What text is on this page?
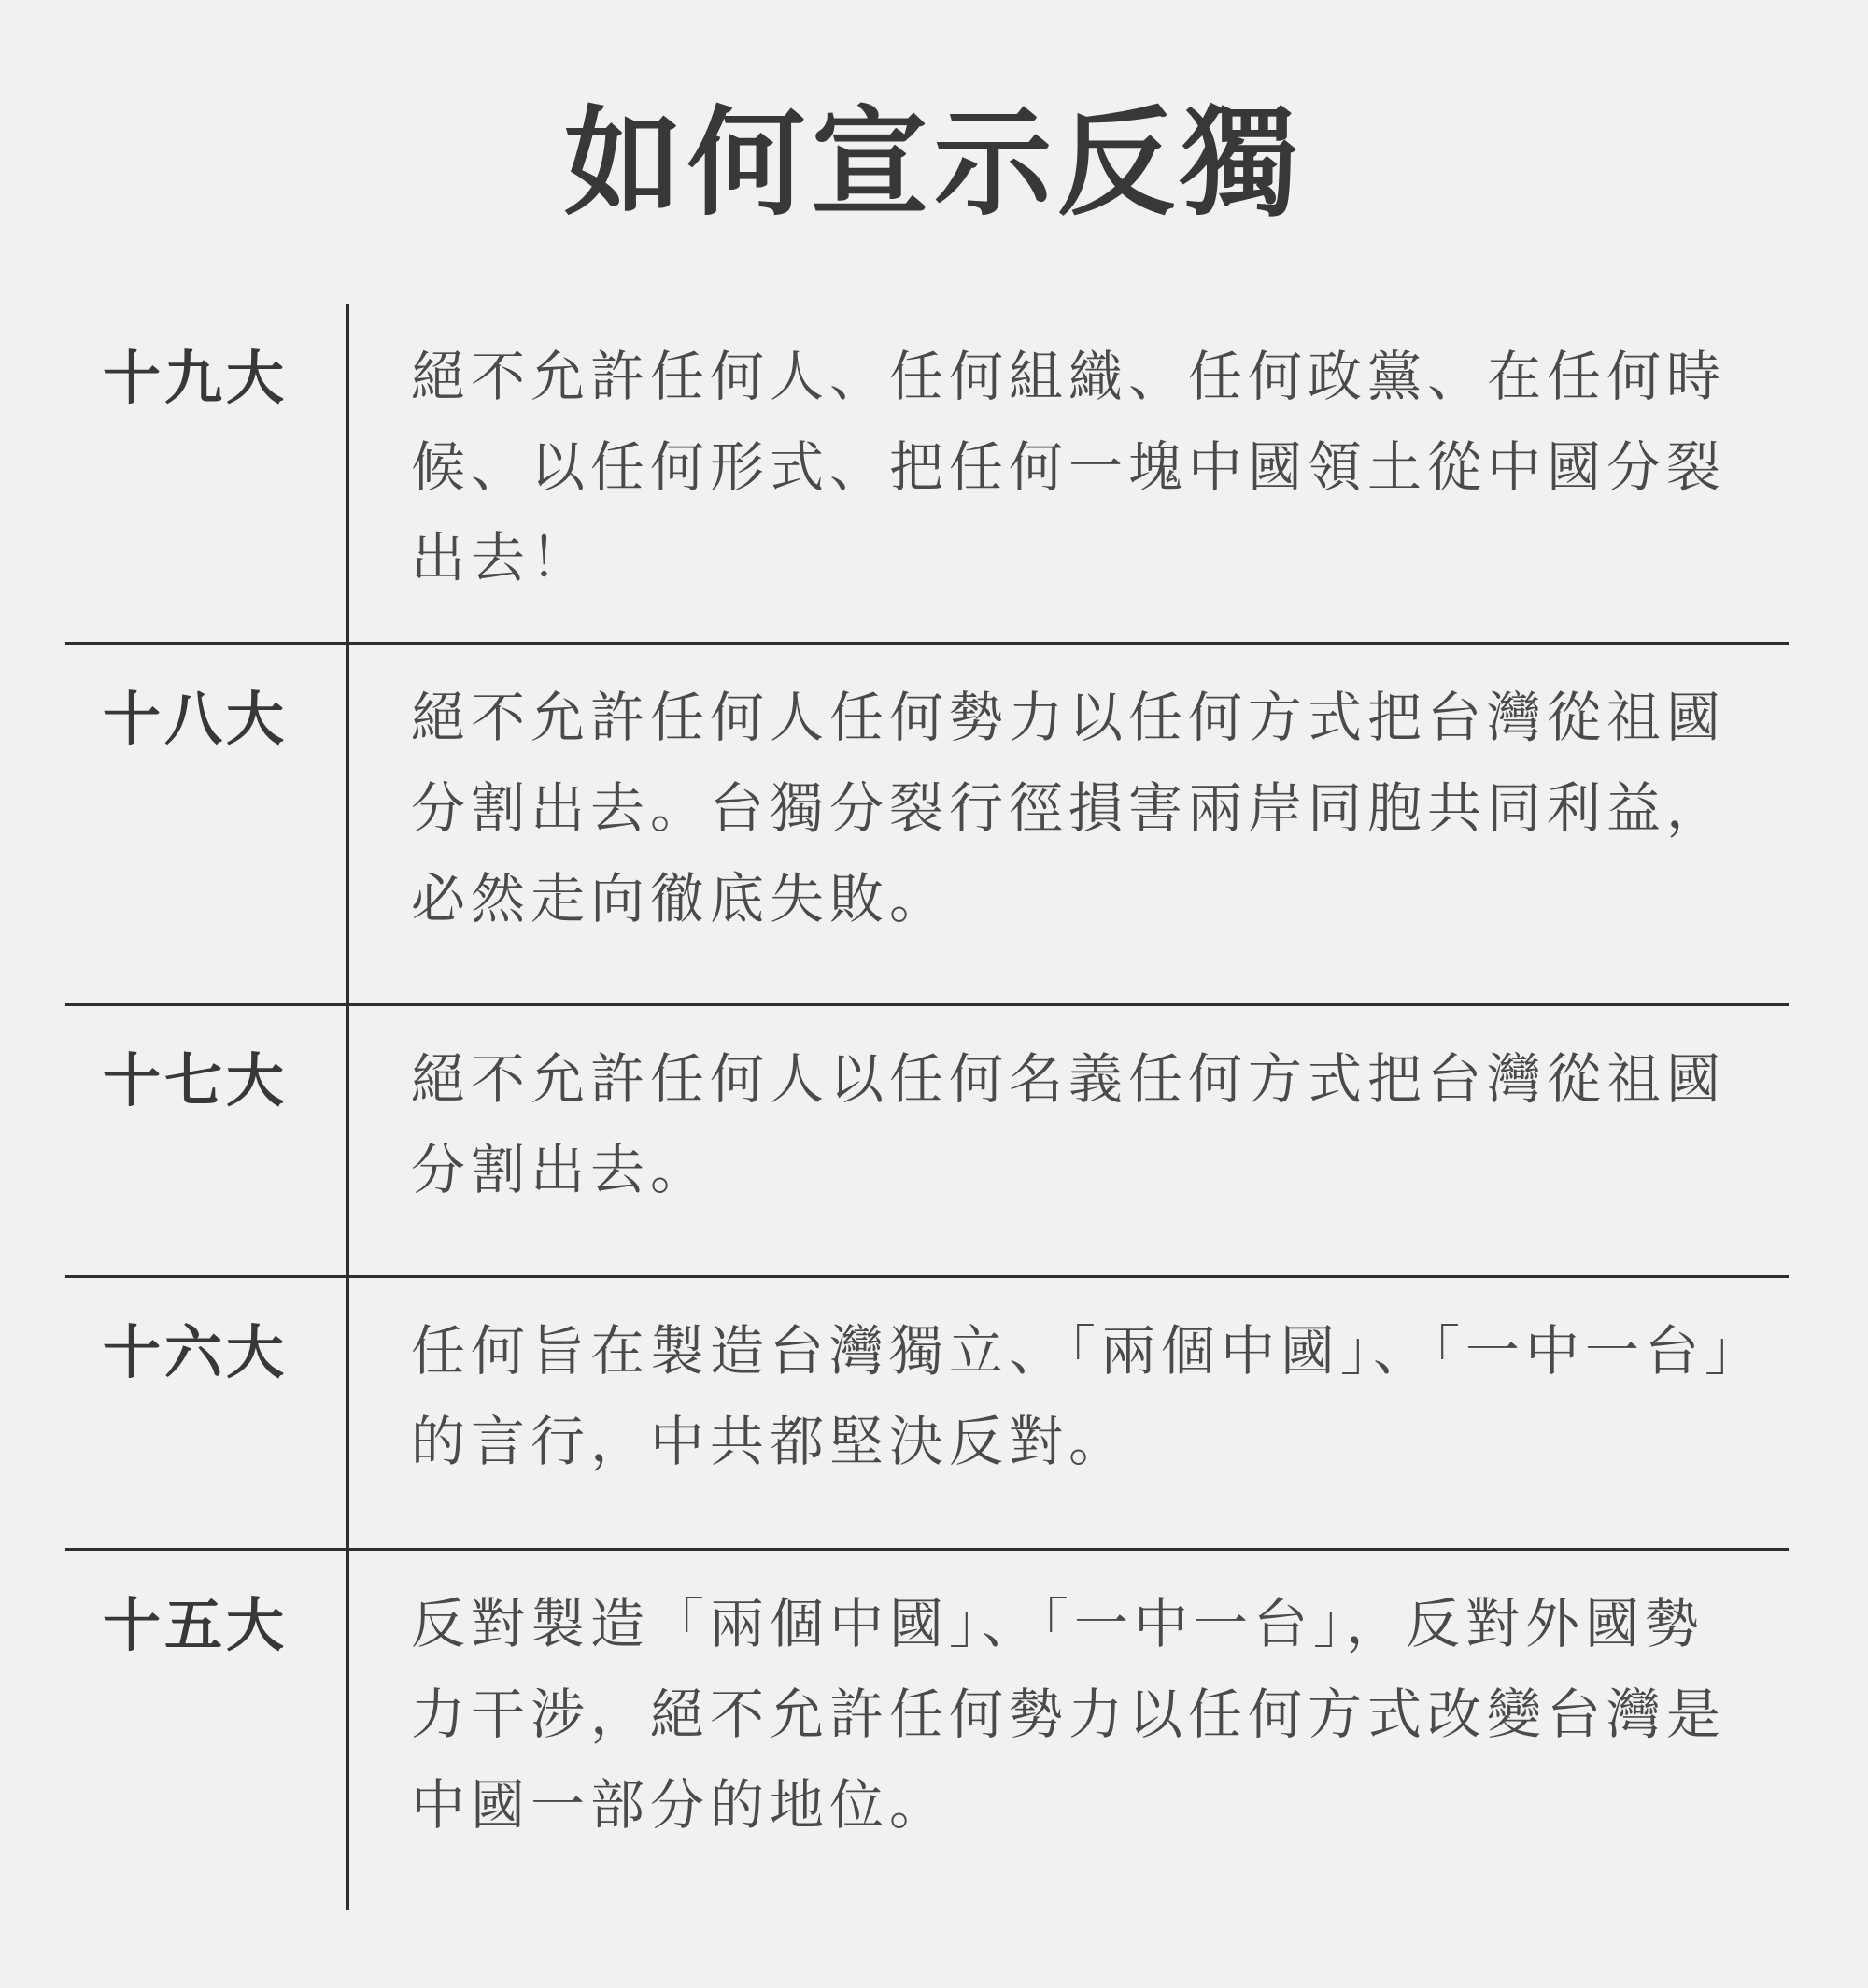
如何宣示反獨
十九大 絕不允許任何人、任何組織、任何政黨、在任何時候、以任何形式、把任何一塊中國領土從中國分裂出去！
十八大 絕不允許任何人任何勢力以任何方式把台灣從祖國分割出去。台獨分裂行徑損害兩岸同胞共同利益，必然走向徹底失敗。
十七大 絕不允許任何人以任何名義任何方式把台灣從祖國分割出去。
十六大 任何旨在製造台灣獨立、「兩個中國」、「一中一台」的言行，中共都堅決反對。
十五大 反對製造「兩個中國」、「一中一台」，反對外國勢力干涉，絕不允許任何勢力以任何方式改變台灣是中國一部分的地位。
